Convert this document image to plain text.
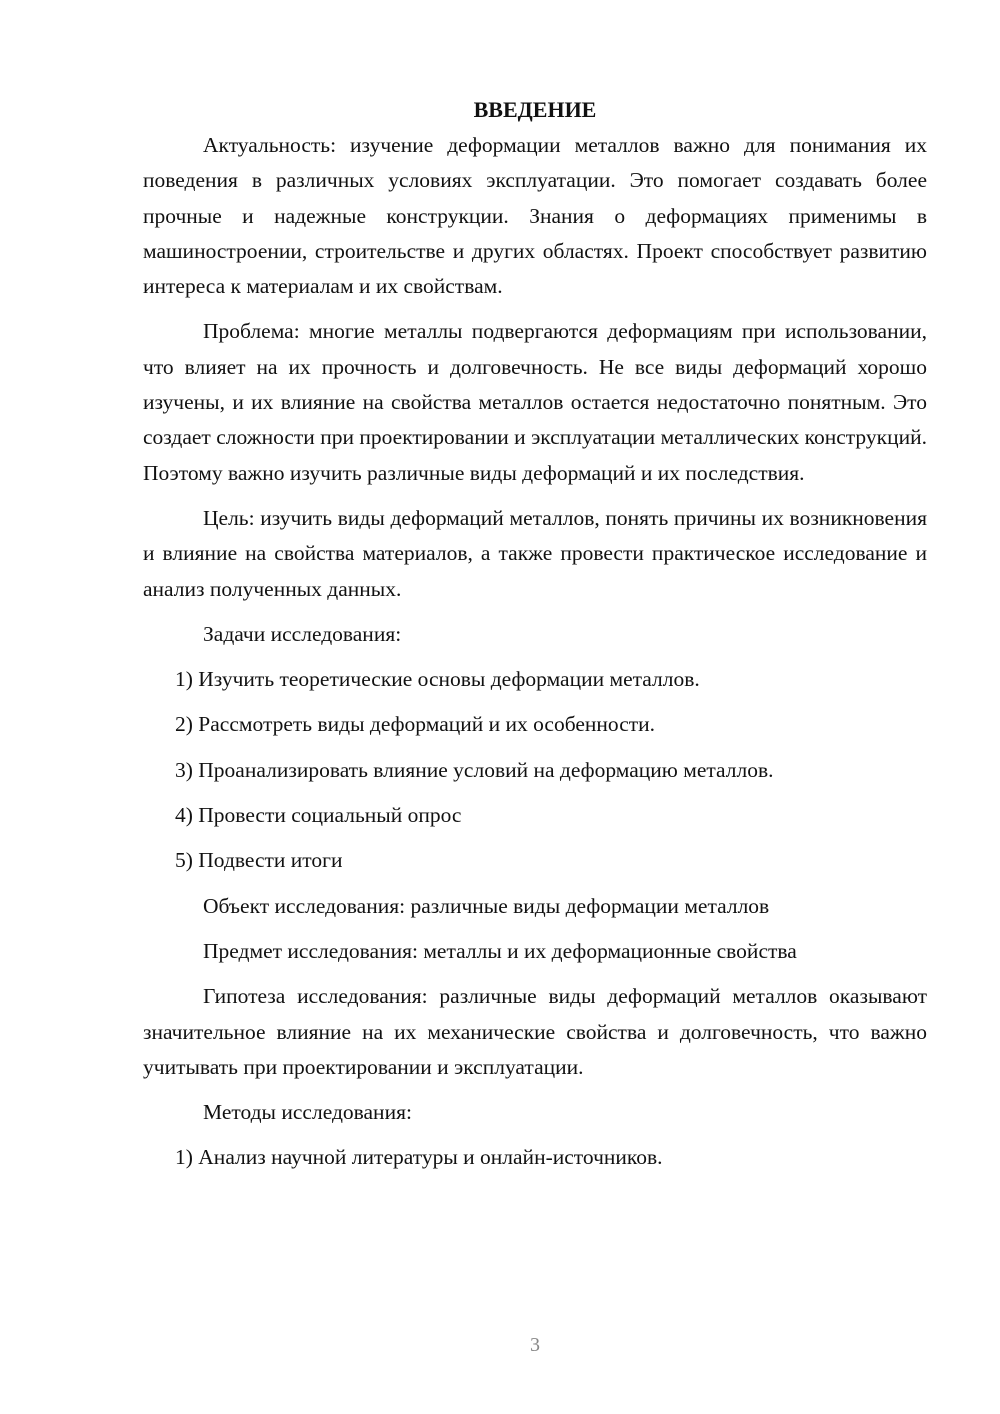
ВВЕДЕНИЕ

Актуальность: изучение деформации металлов важно для понимания их поведения в различных условиях эксплуатации. Это помогает создавать более прочные и надежные конструкции. Знания о деформациях применимы в машиностроении, строительстве и других областях. Проект способствует развитию интереса к материалам и их свойствам.

Проблема: многие металлы подвергаются деформациям при использовании, что влияет на их прочность и долговечность. Не все виды деформаций хорошо изучены, и их влияние на свойства металлов остается недостаточно понятным. Это создает сложности при проектировании и эксплуатации металлических конструкций. Поэтому важно изучить различные виды деформаций и их последствия.

Цель: изучить виды деформаций металлов, понять причины их возникновения и влияние на свойства материалов, а также провести практическое исследование и анализ полученных данных.

Задачи исследования:

1) Изучить теоретические основы деформации металлов.
2) Рассмотреть виды деформаций и их особенности.
3) Проанализировать влияние условий на деформацию металлов.
4) Провести социальный опрос
5) Подвести итоги

Объект исследования: различные виды деформации металлов

Предмет исследования: металлы и их деформационные свойства

Гипотеза исследования: различные виды деформаций металлов оказывают значительное влияние на их механические свойства и долговечность, что важно учитывать при проектировании и эксплуатации.

Методы исследования:

1) Анализ научной литературы и онлайн-источников.
3
